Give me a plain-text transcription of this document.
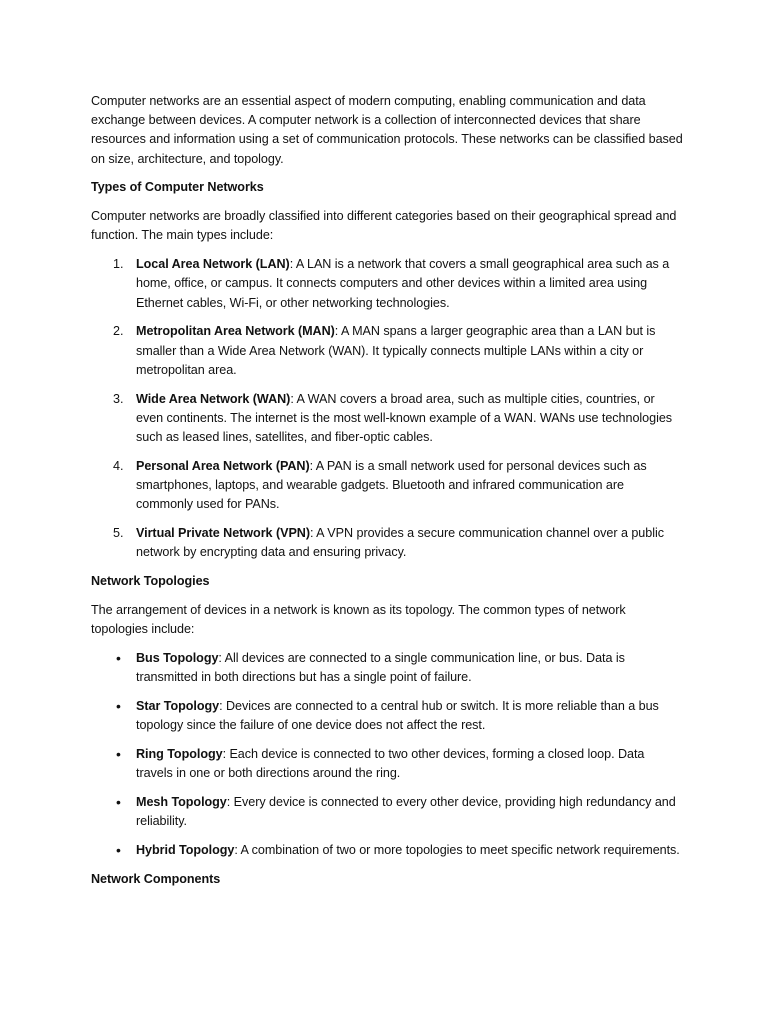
Computer networks are an essential aspect of modern computing, enabling communication and data exchange between devices. A computer network is a collection of interconnected devices that share resources and information using a set of communication protocols. These networks can be classified based on size, architecture, and topology.

Types of Computer Networks

Computer networks are broadly classified into different categories based on their geographical spread and function. The main types include:

1. Local Area Network (LAN): A LAN is a network that covers a small geographical area such as a home, office, or campus. It connects computers and other devices within a limited area using Ethernet cables, Wi-Fi, or other networking technologies.
2. Metropolitan Area Network (MAN): A MAN spans a larger geographic area than a LAN but is smaller than a Wide Area Network (WAN). It typically connects multiple LANs within a city or metropolitan area.
3. Wide Area Network (WAN): A WAN covers a broad area, such as multiple cities, countries, or even continents. The internet is the most well-known example of a WAN. WANs use technologies such as leased lines, satellites, and fiber-optic cables.
4. Personal Area Network (PAN): A PAN is a small network used for personal devices such as smartphones, laptops, and wearable gadgets. Bluetooth and infrared communication are commonly used for PANs.
5. Virtual Private Network (VPN): A VPN provides a secure communication channel over a public network by encrypting data and ensuring privacy.
Network Topologies

The arrangement of devices in a network is known as its topology. The common types of network topologies include:

• Bus Topology: All devices are connected to a single communication line, or bus. Data is transmitted in both directions but has a single point of failure.
• Star Topology: Devices are connected to a central hub or switch. It is more reliable than a bus topology since the failure of one device does not affect the rest.
• Ring Topology: Each device is connected to two other devices, forming a closed loop. Data travels in one or both directions around the ring.
• Mesh Topology: Every device is connected to every other device, providing high redundancy and reliability.
• Hybrid Topology: A combination of two or more topologies to meet specific network requirements.
Network Components
